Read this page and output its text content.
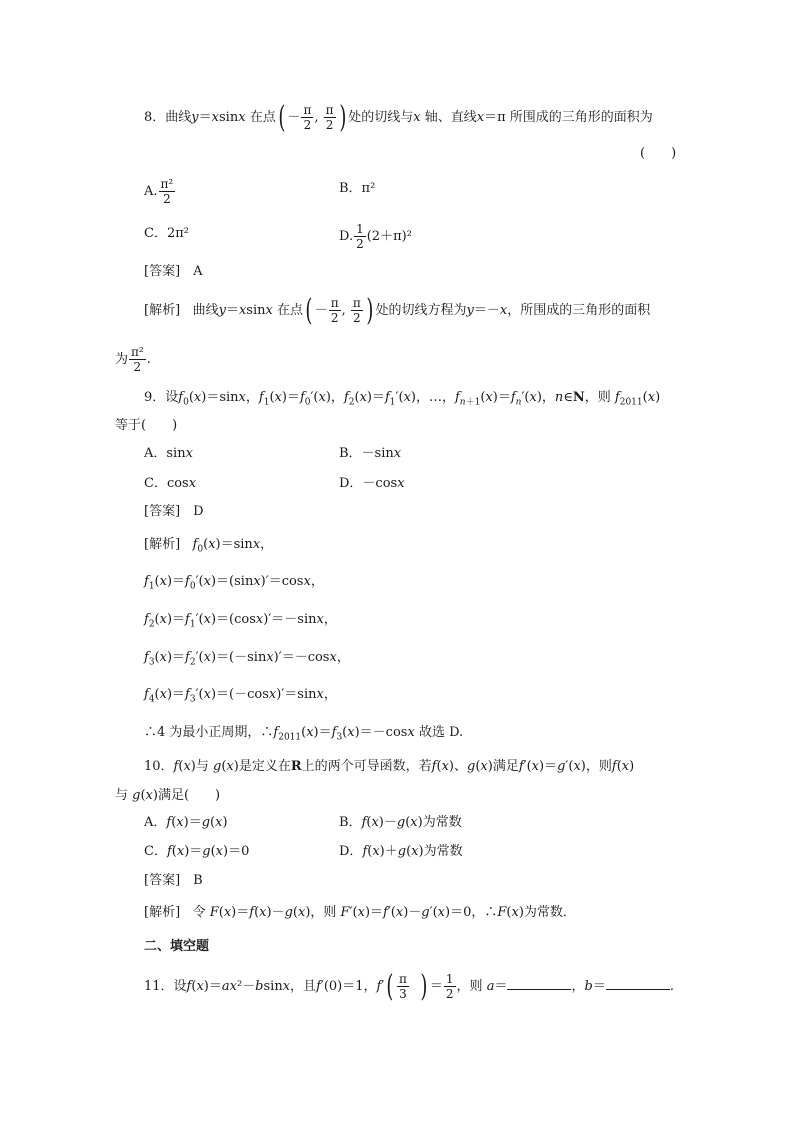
8．曲线y＝xsinx 在点( － $\frac{\pi}{2}$ , $\frac{\pi}{2}$ ) 处的切线与x 轴、直线x＝π 所围成的三角形的面积为
(　　)
A. $\frac{\text{π²}}{2}$	B．π²
C．2π²	D. $\frac{1}{2} (2+\pi)^2$
[答案]　A
[解析] 曲线y＝xsinx 在点( － $\frac{\pi}{2}$ , $\frac{\pi}{2}$ ) 处的切线方程为y＝－x，所围成的三角形的面积
为 $\frac{\text{π²}}{2}$ .
9．设$f_0(x)=\sin x$，$f_1(x)=f_0'(x)$，$f_2(x)=f_1'(x)$，…，$f_{n+1}(x)=f_n'(x)$，n∈N，则 $f_{2011}(x)$
等于(　　)
A．sinx	B．－sinx
C．cosx	D．－cosx
[答案]　D
[解析] $f_0(x)=\sin x$，
$f_1(x)=f_0'(x)=(\sin x)'=\cos x$，
$f_2(x)=f_1'(x)=(\cos x)'=-\sin x$，
$f_3(x)=f_2'(x)=(-\sin x)'=-\cos x$，
$f_4(x)=f_3'(x)=(-\cos x)'=\sin x$，
∴4 为最小正周期，$\therefore f_{2011}(x)=f_3(x)=-\cos x$ 故选 D.
10．f(x)与 g(x)是定义在R上的两个可导函数，若f(x)、g(x)满足f′(x)＝g′(x)，则f(x)
与 g(x)满足(　　)
A．f(x)＝g(x)	B．f(x)－g(x)为常数
C．f(x)＝g(x)＝0	D．f(x)＋g(x)为常数
[答案]　B
[解析] 令 F(x)＝f(x)－g(x)，则 F′(x)＝f′(x)－g′(x)＝0，∴F(x)为常数．
二、填空题
11．设f(x)＝ax²－bsinx，且f′(0)＝1，$f'( \frac{\pi}{3}$ ) ＝ $\frac{1}{2}$ ，则 a＝	，b＝	.
